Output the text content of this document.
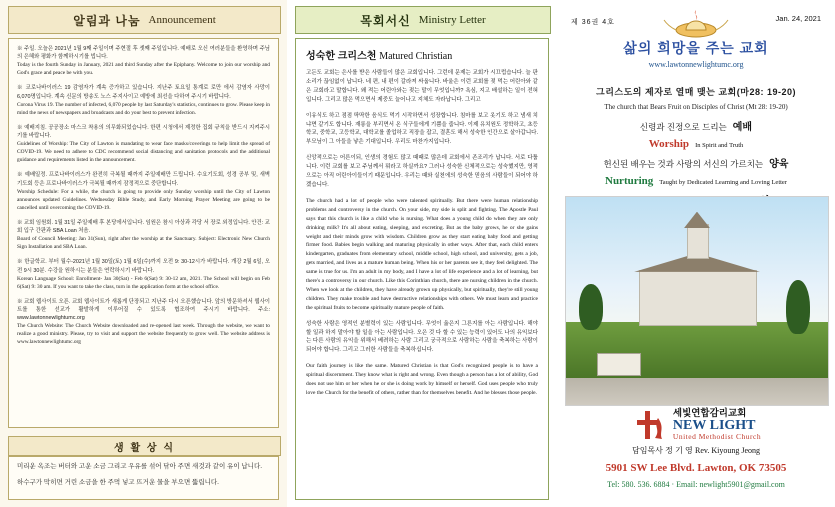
알림과 나눔 Announcement
※ 주일. 오늘은 2021년 1월 9째 주일이며 주현절 후 셋째 주일입니다. 예배로 오신 여러분들을 환영하며 주님의 은혜와 평화가 함께하시기를 빕니다.
Today is the fourth Sunday in January, 2021 and third Sunday after the Epiphany. Welcome to join our worship and God's grace and peace be with you.
※ 코로나바이러스 19 감염자가 계속 증가하고 있습니다. 지난주 토요일 통계로 로만 에서 감염자 사망이 6,070명입니다. 계속 신문의 방송도 노스 주지사이고 예방에 최선을 다하여 주시기 바랍니다.
Corona Virus 19. The number of infected, 6,070 people by last Saturday's statistics, continues to grow. Please keep in mind the news of newspapers and broadcasts and do your best to prevent infection.
※ 예배지침. 공공장소 마스크 착용의 의무화되었습니다. 한편 시청에서 제정한 집회 규칙을 받드시 지켜주시기를 바랍니다.
Guidelines of Worship: The City of Lawton is mandating to wear face masks/coverings to help limit the spread of COVID-19. We need to adhere to CDC recommend social distancing and sanitation protocols and the additional guidance and requirements listed in the announcement.
※ 예배일정. 프로나바이러스가 완전히 극복될 때까지 주일예배만 드립니다. 수요기도회, 성경 공부 및, 새벽기도회 등은 프로나바이러스가 극복될 때까지 잠정적으로 중단합니다.
Worship Schedule: For a while, the church is going to provide only Sunday worship until the City of Lawton announces updated Guidelines. Wednesday Bible Study, and Early Morning Prayer Meeting are going to be cancelled until overcoming the COVID-19.
※ 교회 임원회. 1월 31일 주일예배 후 본당에서입니다. 임원은 참시 아상과 각당 서 장로 외정입니다. 안건: 교회 입구 간판과 SBA Loan 처음.
Board of Council Meeting: Jan 31(Sun), right after the worship at the Sanctuary. Subject: Electronic New Church Sign Installation and SBA Loan.
※ 한글학교. 부터 월수-2021년 1월 30일(토) 1월 6일(수)까지 오전 9: 30-12시가 바랍니다. 개강 2월 6일, 오전 9시 30분. 수강을 원하시는 분들은 연락하시기 바랍니다.
Korean Language School: Enrollment- Jan 30(Sat) - Feb 6(Sat) 9: 30-12 am, 2021. The School will begin on Feb 6(Sat) 9: 30 am. If you want to take the class, turn in the application form at the school office.
※ 교회 웹사이트 오픈. 교회 웹사이트가 새롭게 단장되고 지난주 다시 오픈했습니다. 앞의 방문하셔서 웹사이트를 통한 선교가 활발하게 이루어질 수 있도록 협조하여 주시기 바랍니다. 주소: www.lawtonnewlightumc.org
The Church Website: The Church Website downloaded and re-opened last week. Through the website, we want to realize a good ministry. Please, try to visit and support the website frequently to grow well. The website address is www.lawtonnewlightumc.org
생 활 상 식

미리운 옥조는 버터와 고운 소금 그리고 우유를 섞어 닦아 주면 새것과 같이 유이 납니다.

하수구가 막히면 거린 소금을 한 주먹 넣고 뜨거운 물을 부으면 뚫립니다.

목회서신 Ministry Letter
성숙한 크리스천 Matured Christian

고든도 교회는 은사를 받은 사람들이 많은 교회입니다. 그런데 문제는 교회가 시끄럽습니다. 늘 판소리가 끊임없이 납니다. 네 편, 내 편이 갈라져 싸웁니다. 바울은 이런 교회를 젖 먹는 어린아와 같은 교회라고 말합니다. 왜 적는 어린아와는 젖는 말이 무엇입니까? 욕심, 지고 배설하는 일이 전혀입니다. 그리고 많은 먹으면서 제중도 늘어나고 지체도 자라납니다. 그리고

이유식도 하고 점점 딱딱한 음식도 먹기 시작하면서 성장합니다. 침마를 보고 옷기도 하고 냄새 치냐면 같기도 합니다. 재롱을 부리면서 온 식구들에게 기쁨을 줍니다. 이제 유치원도 정학하고, 초등학교, 중학교, 고등학교, 대학교를 졸업하고 직장을 잡고, 결혼도 해서 성숙한 인간으로 살아갑니다. 부모님이 그 아들을 낳은 기대입니다. 우리도 마찬가지입니다.

신앙적으로는 어른이되, 인생의 경험도 많고 때때로 많은데 교회에서 존조리가 납니다. 서로 다툽니다. 이런 교회를 보고 주님께서 뭐라고 하실까요? 그러나 성숙한 신체적으로는 성숙했지만, 영적으로는 아직 어린아이들이기 때문입니다. 우리는 때와 실천에의 성숙한 믿음의 사람들이 되어야 하겠습니다.

The church had a lot of people who were talented spiritually. But there were human relationship problems and controversy in the church. On your side, my side is split and fighting. The Apostle Paul says that this church is like a child who is nursing. What does a young child do when they are only drinking milk? It's all about eating, sleeping, and excreting. But as the baby grows, he or she gains weight and their minds grow with wisdom. Children grow as they start eating baby food and getting firmer food. Babies begin walking and maturing physically in other ways. After that, each child enters kindergarten, graduates from elementary school, middle school, high school, and university, gets a job, gets married, and lives as a mature human being. When his or her parents see it, they feel delighted. The same is true for us. I'm an adult in my body, and I have a lot of life experience and a lot of learning, but there's a controversy in our church. Like this Corinthian church, there are nursing children in the church. When we look at the children, they have already grown up physically, but spiritually, they're still young children. They make trouble and have destructive relationships with others. We must learn and practice the spiritual fruits to become spiritually mature people of faith.

성숙한 사람은 영적인 분별력이 있는 사람입니다. 무엇이 옳은지 그른지를 아는 사람입니다. 해야 할 일과 하지 말아야 할 일을 아는 사람입니다. 오은 것 다 할 수 있는 능력이 있어도 나의 유익보다는 다른 사람의 유익을 위해서 베려하는 사람 그리고 궁극적으로 사람하는 사람을 축복하는 사람이 되어야 합니다. 그리고 그러한 사람들을 축복하십니다.

Our faith journey is like the same. Matured Christian is that God's recognized people is to have a spiritual discernment. They know what is right and wrong. Even though a person has a lot of ability, God does not use him or her when he or she is doing work by himself or herself. God uses people who truly love the Church for the benefit of others, rather than for themselves benefit. And he blesses those people.

제 36권 4호	Jan. 24, 2021
삶의 희망을 주는 교회
www.lawtonnewlightumc.org
그리스도의 제자로 열매 맺는 교회(마28: 19-20)
The church that Bears Fruit on Disciples of Christ (Mt 28: 19-20)
신령과 진정으로 드리는 예배
Worship In Spirit and Truth
헌신된 배우는 것과 사랑의 서신의 가르치는 양육
Nurturing Taught by Dedicated Learning and Loving Letter
세빛연합감리교회
NEW LIGHT
United Methodist Church
담임목사 정 기 영 Rev. Kiyoung Jeong
5901 SW Lee Blvd. Lawton, OK 73505
Tel: 580. 536. 6884 · Email: newlight5901@gmail.com
